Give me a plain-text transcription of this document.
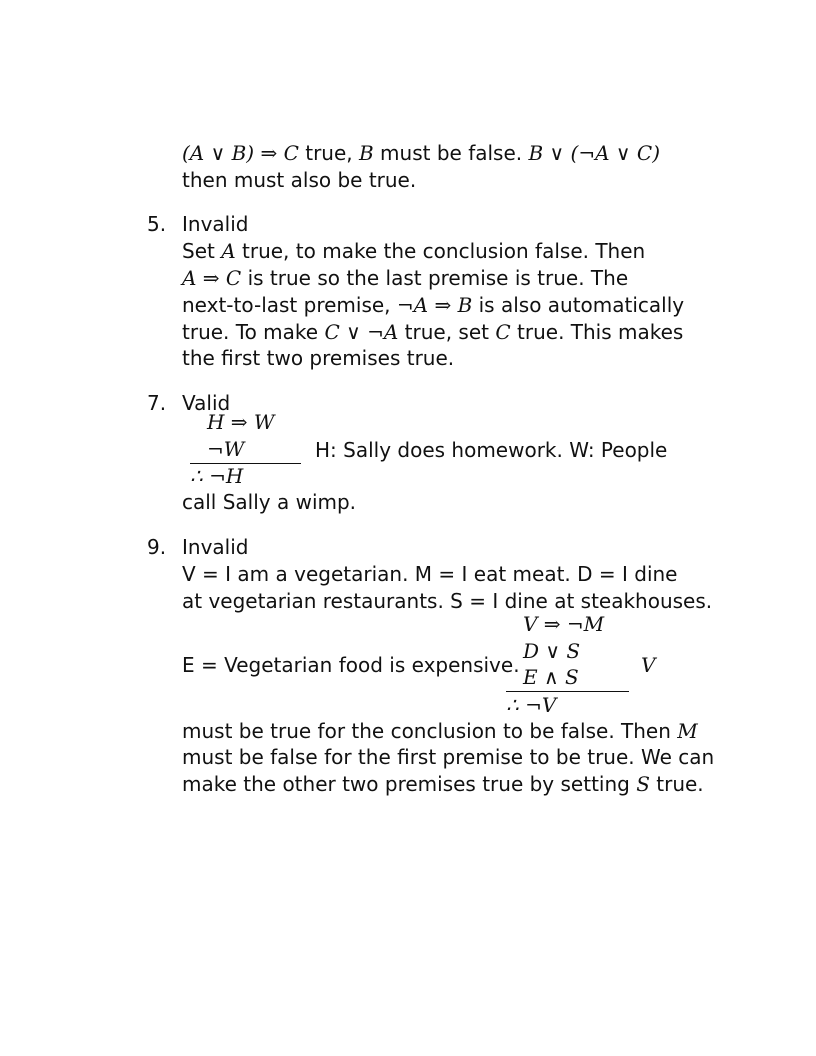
(A ∨ B) ⇒ C true, B must be false. B ∨ (¬A ∨ C)
then must also be true.
5. Invalid
Set A true, to make the conclusion false. Then
A ⇒ C is true so the last premise is true. The
next-to-last premise, ¬A ⇒ B is also automatically
true. To make C ∨ ¬A true, set C true. This makes
the first two premises true.
7. Valid
H ⇒ W
¬W
∴ ¬H
H: Sally does homework. W: People
call Sally a wimp.
9. Invalid
V = I am a vegetarian. M = I eat meat. D = I dine
at vegetarian restaurants. S = I dine at steakhouses.
V ⇒ ¬M
D ∨ S
E = Vegetarian food is expensive.	V
E ∧ S
∴ ¬V
must be true for the conclusion to be false. Then M
must be false for the first premise to be true. We can
make the other two premises true by setting S true.
